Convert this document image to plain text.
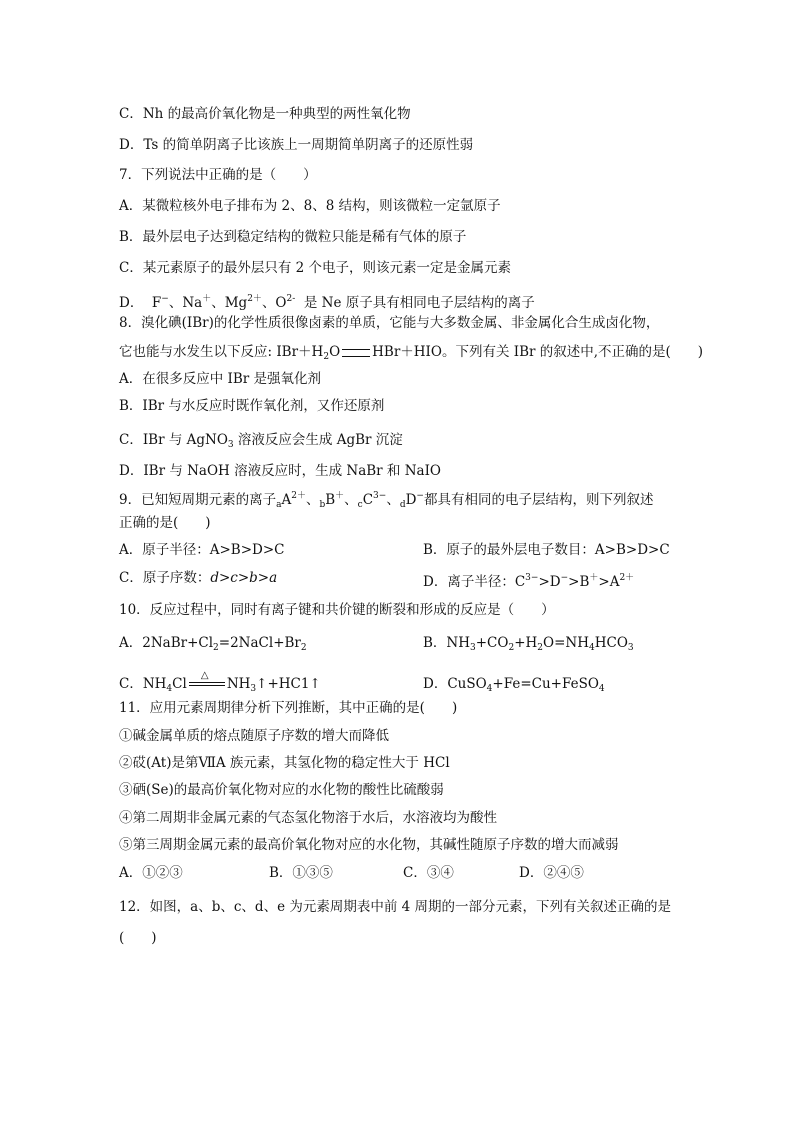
C．Nh 的最高价氧化物是一种典型的两性氧化物
D．Ts 的简单阴离子比该族上一周期简单阴离子的还原性弱
7．下列说法中正确的是（　　）
A．某微粒核外电子排布为 2、8、8 结构，则该微粒一定氩原子
B．最外层电子达到稳定结构的微粒只能是稀有气体的原子
C．某元素原子的最外层只有 2 个电子，则该元素一定是金属元素
D．  F−、Na＋、$Mg^{2+}$、$O^{2-}$ 是 Ne 原子具有相同电子层结构的离子
8．溴化碘(IBr)的化学性质很像卤素的单质，它能与大多数金属、非金属化合生成卤化物，
它也能与水发生以下反应: $IBr+H_2O$ HBr＋HIO。下列有关 IBr 的叙述中,不正确的是(　　)
A．在很多反应中 IBr 是强氧化剂
B．IBr 与水反应时既作氧化剂，又作还原剂
C．IBr 与 AgNO$_3$ 溶液反应会生成 AgBr 沉淀
D．IBr 与 NaOH 溶液反应时，生成 NaBr 和 NaIO
9．已知短周期元素的离子$_aA^{2+}$、$_b$B＋、$_cC^{3-}$、$_d$D−都具有相同的电子层结构，则下列叙述
正确的是(　　)
A．原子半径：A>B>D>C	B．原子的最外层电子数目：A>B>D>C
C．原子序数：d>c>b>a	D．离子半径：$C^{3-}>D^->B^+>A^{2+}$
10．反应过程中，同时有离子键和共价键的断裂和形成的反应是（　　）
A．$2NaBr+Cl_2=2NaCl+Br_2$	B．$NH_3+CO_2+H_2O=NH_4HCO_3$
C．$NH_4Cl$
△
$NH_3↑+HC1↑$	D．CuSO$_4$+Fe=Cu+FeSO$_4$
11．应用元素周期律分析下列推断，其中正确的是(　　)
①碱金属单质的熔点随原子序数的增大而降低
②砹(At)是第ⅦA 族元素，其氢化物的稳定性大于 HCl
③硒(Se)的最高价氧化物对应的水化物的酸性比硫酸弱
④第二周期非金属元素的气态氢化物溶于水后，水溶液均为酸性
⑤第三周期金属元素的最高价氧化物对应的水化物，其碱性随原子序数的增大而减弱
A．①②③	B．①③⑤	C．③④	D．②④⑤
12．如图，a、b、c、d、e 为元素周期表中前 4 周期的一部分元素，下列有关叙述正确的是
(　　)
